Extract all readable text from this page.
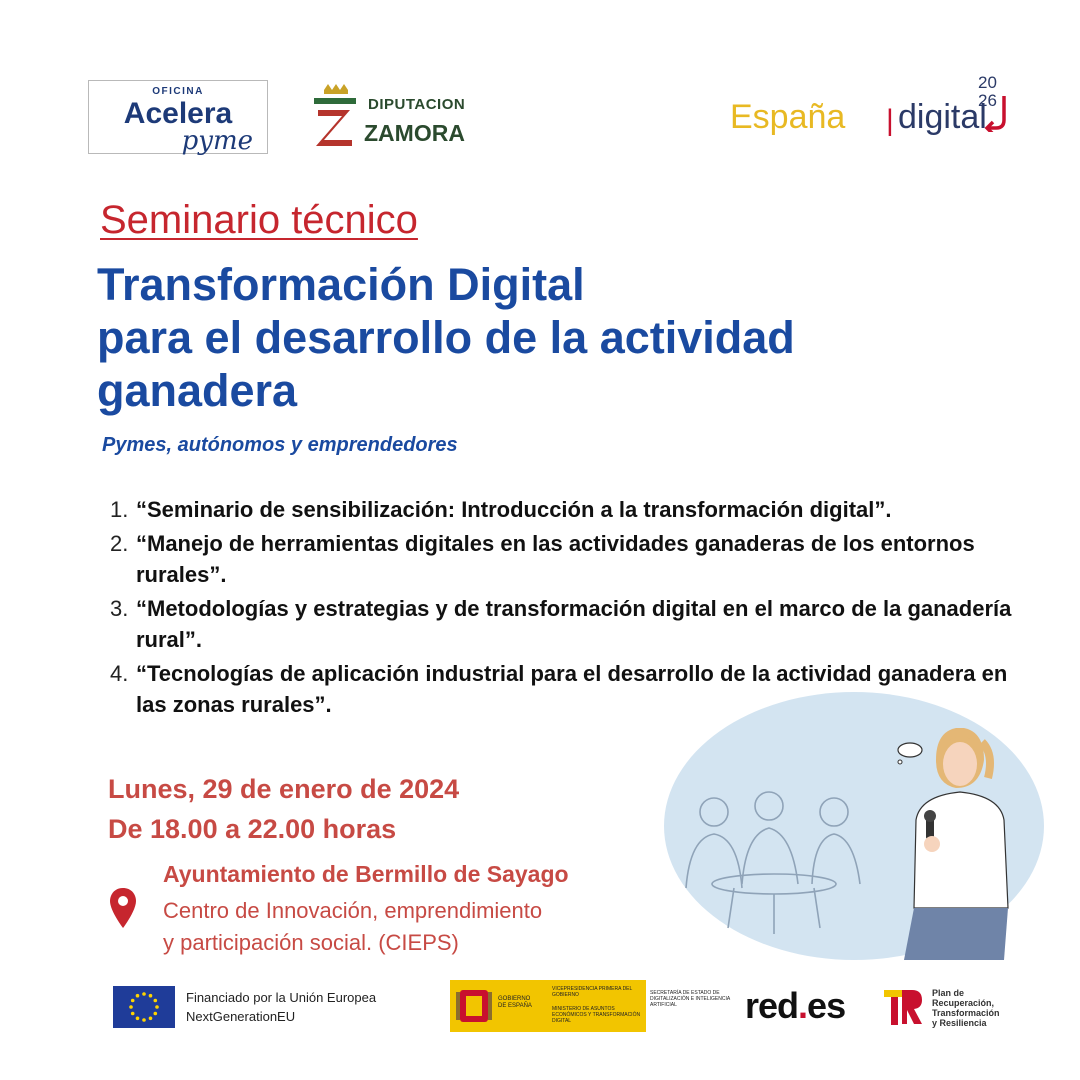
OFICINA
Acelera
pyme
DIPUTACION
ZAMORA	España | digital
20
26
Seminario técnico
Transformación Digital
para el desarrollo de la actividad
ganadera
Pymes, autónomos y emprendedores
1. “Seminario de sensibilización: Introducción a la transformación digital”.
2. “Manejo de herramientas digitales en las actividades ganaderas de los entornos rurales”.
3. “Metodologías y estrategias y de transformación digital en el marco de la ganadería rural”.
4. “Tecnologías de aplicación industrial para el desarrollo de la actividad ganadera en las zonas rurales”.
Lunes, 29 de enero de 2024
De 18.00 a 22.00 horas
Ayuntamiento de Bermillo de Sayago
Centro de Innovación, emprendimiento
y participación social. (CIEPS)
Financiado por la Unión Europea
NextGenerationEU
GOBIERNO DE ESPAÑA
VICEPRESIDENCIA PRIMERA DEL GOBIERNO
MINISTERIO DE ASUNTOS ECONÓMICOS Y TRANSFORMACIÓN DIGITAL
SECRETARÍA DE ESTADO DE DIGITALIZACIÓN E INTELIGENCIA ARTIFICIAL	red.es	Plan de
Recuperación,
Transformación
y Resiliencia
